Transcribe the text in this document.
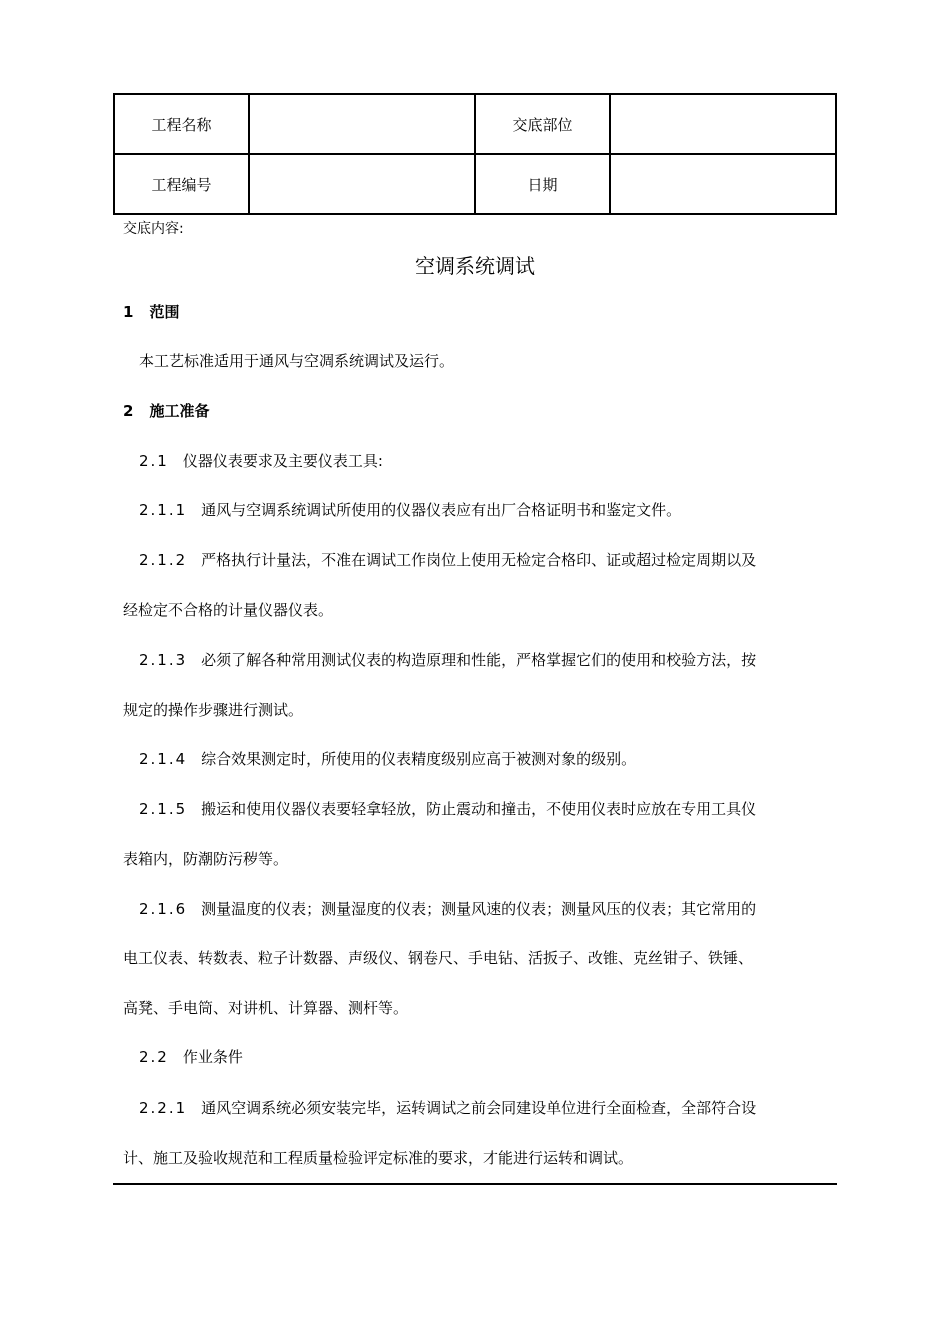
工程名称		交底部位	
工程编号		日期	
交底内容:
空调系统调试
1 范围
本工艺标准适用于通风与空凋系统调试及运行。
2 施工准备
2.1 仪器仪表要求及主要仪表工具:
2.1.1 通风与空调系统调试所使用的仪器仪表应有出厂合格证明书和鉴定文件。
2.1.2 严格执行计量法，不准在调试工作岗位上使用无检定合格印、证或超过检定周期以及
经检定不合格的计量仪器仪表。
2.1.3 必须了解各种常用测试仪表的构造原理和性能，严格掌握它们的使用和校验方法，按
规定的操作步骤进行测试。
2.1.4 综合效果测定时，所使用的仪表精度级别应高于被测对象的级别。
2.1.5 搬运和使用仪器仪表要轻拿轻放，防止震动和撞击，不使用仪表时应放在专用工具仪
表箱内，防潮防污秽等。
2.1.6 测量温度的仪表；测量湿度的仪表；测量风速的仪表；测量风压的仪表；其它常用的
电工仪表、转数表、粒子计数器、声级仪、钢卷尺、手电钻、活扳子、改锥、克丝钳子、铁锤、
高凳、手电筒、对讲机、计算器、测杆等。
2.2 作业条件
2.2.1 通风空调系统必须安装完毕，运转调试之前会同建设单位进行全面检查，全部符合设
计、施工及验收规范和工程质量检验评定标准的要求，才能进行运转和调试。
